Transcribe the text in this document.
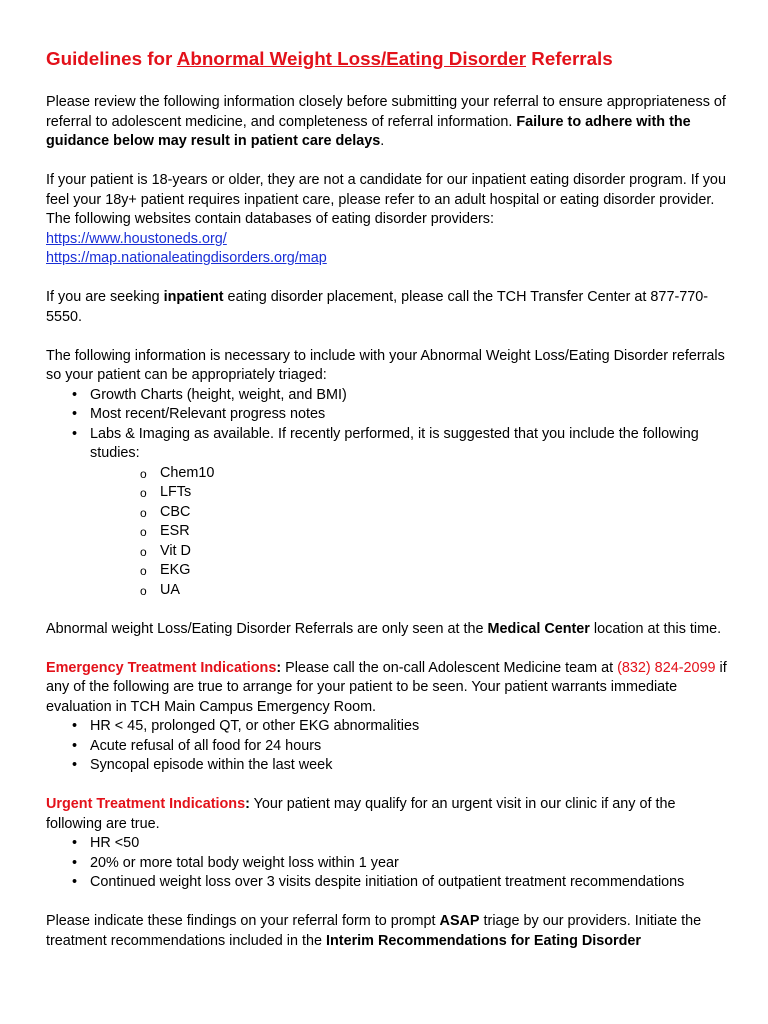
Guidelines for Abnormal Weight Loss/Eating Disorder Referrals

Please review the following information closely before submitting your referral to ensure appropriateness of referral to adolescent medicine, and completeness of referral information. Failure to adhere with the guidance below may result in patient care delays.

If your patient is 18-years or older, they are not a candidate for our inpatient eating disorder program. If you feel your 18y+ patient requires inpatient care, please refer to an adult hospital or eating disorder provider. The following websites contain databases of eating disorder providers:
https://www.houstoneds.org/
https://map.nationaleatingdisorders.org/map

If you are seeking inpatient eating disorder placement, please call the TCH Transfer Center at 877-770-5550.

The following information is necessary to include with your Abnormal Weight Loss/Eating Disorder referrals so your patient can be appropriately triaged:
• Growth Charts (height, weight, and BMI)
• Most recent/Relevant progress notes
• Labs & Imaging as available. If recently performed, it is suggested that you include the following studies:
o Chem10
o LFTs
o CBC
o ESR
o Vit D
o EKG
o UA

Abnormal weight Loss/Eating Disorder Referrals are only seen at the Medical Center location at this time.

Emergency Treatment Indications: Please call the on-call Adolescent Medicine team at (832) 824-2099 if any of the following are true to arrange for your patient to be seen. Your patient warrants immediate evaluation in TCH Main Campus Emergency Room.
• HR < 45, prolonged QT, or other EKG abnormalities
• Acute refusal of all food for 24 hours
• Syncopal episode within the last week
Urgent Treatment Indications: Your patient may qualify for an urgent visit in our clinic if any of the following are true.
• HR <50
• 20% or more total body weight loss within 1 year
• Continued weight loss over 3 visits despite initiation of outpatient treatment recommendations

Please indicate these findings on your referral form to prompt ASAP triage by our providers. Initiate the treatment recommendations included in the Interim Recommendations for Eating Disorder
